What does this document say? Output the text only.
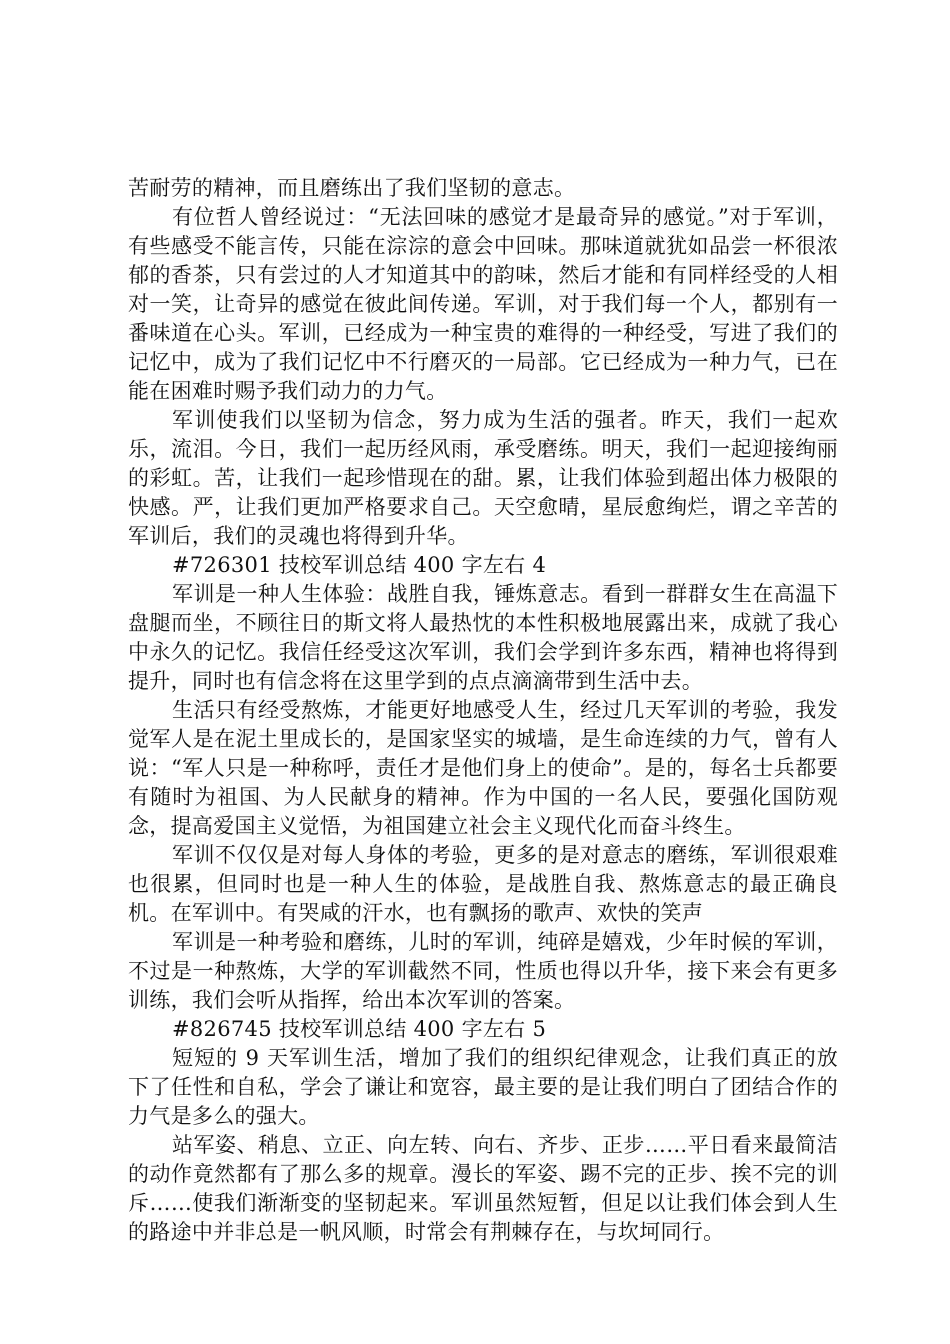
苦耐劳的精神，而且磨练出了我们坚韧的意志。

有位哲人曾经说过：“无法回味的感觉才是最奇异的感觉。”对于军训，有些感受不能言传，只能在淙淙的意会中回味。那味道就犹如品尝一杯很浓郁的香茶，只有尝过的人才知道其中的韵味，然后才能和有同样经受的人相对一笑，让奇异的感觉在彼此间传递。军训，对于我们每一个人，都别有一番味道在心头。军训，已经成为一种宝贵的难得的一种经受，写进了我们的记忆中，成为了我们记忆中不行磨灭的一局部。它已经成为一种力气，已在能在困难时赐予我们动力的力气。

军训使我们以坚韧为信念，努力成为生活的强者。昨天，我们一起欢乐，流泪。今日，我们一起历经风雨，承受磨练。明天，我们一起迎接绚丽的彩虹。苦，让我们一起珍惜现在的甜。累，让我们体验到超出体力极限的快感。严，让我们更加严格要求自己。天空愈晴，星辰愈绚烂，谓之辛苦的军训后，我们的灵魂也将得到升华。

#726301 技校军训总结 400 字左右 4

军训是一种人生体验：战胜自我，锤炼意志。看到一群群女生在高温下盘腿而坐，不顾往日的斯文将人最热忱的本性积极地展露出来，成就了我心中永久的记忆。我信任经受这次军训，我们会学到许多东西，精神也将得到提升，同时也有信念将在这里学到的点点滴滴带到生活中去。

生活只有经受熬炼，才能更好地感受人生，经过几天军训的考验，我发觉军人是在泥土里成长的，是国家坚实的城墙，是生命连续的力气，曾有人说：“军人只是一种称呼，责任才是他们身上的使命”。是的，每名士兵都要有随时为祖国、为人民献身的精神。作为中国的一名人民，要强化国防观念，提高爱国主义觉悟，为祖国建立社会主义现代化而奋斗终生。

军训不仅仅是对每人身体的考验，更多的是对意志的磨练，军训很艰难也很累，但同时也是一种人生的体验，是战胜自我、熬炼意志的最正确良机。在军训中。有哭咸的汗水，也有飘扬的歌声、欢快的笑声

军训是一种考验和磨练，儿时的军训，纯碎是嬉戏，少年时候的军训，不过是一种熬炼，大学的军训截然不同，性质也得以升华，接下来会有更多训练，我们会听从指挥，给出本次军训的答案。

#826745 技校军训总结 400 字左右 5

短短的 9 天军训生活，增加了我们的组织纪律观念，让我们真正的放下了任性和自私，学会了谦让和宽容，最主要的是让我们明白了团结合作的力气是多么的强大。

站军姿、稍息、立正、向左转、向右、齐步、正步……平日看来最简洁的动作竟然都有了那么多的规章。漫长的军姿、踢不完的正步、挨不完的训斥……使我们渐渐变的坚韧起来。军训虽然短暂，但足以让我们体会到人生的路途中并非总是一帆风顺，时常会有荆棘存在，与坎坷同行。
